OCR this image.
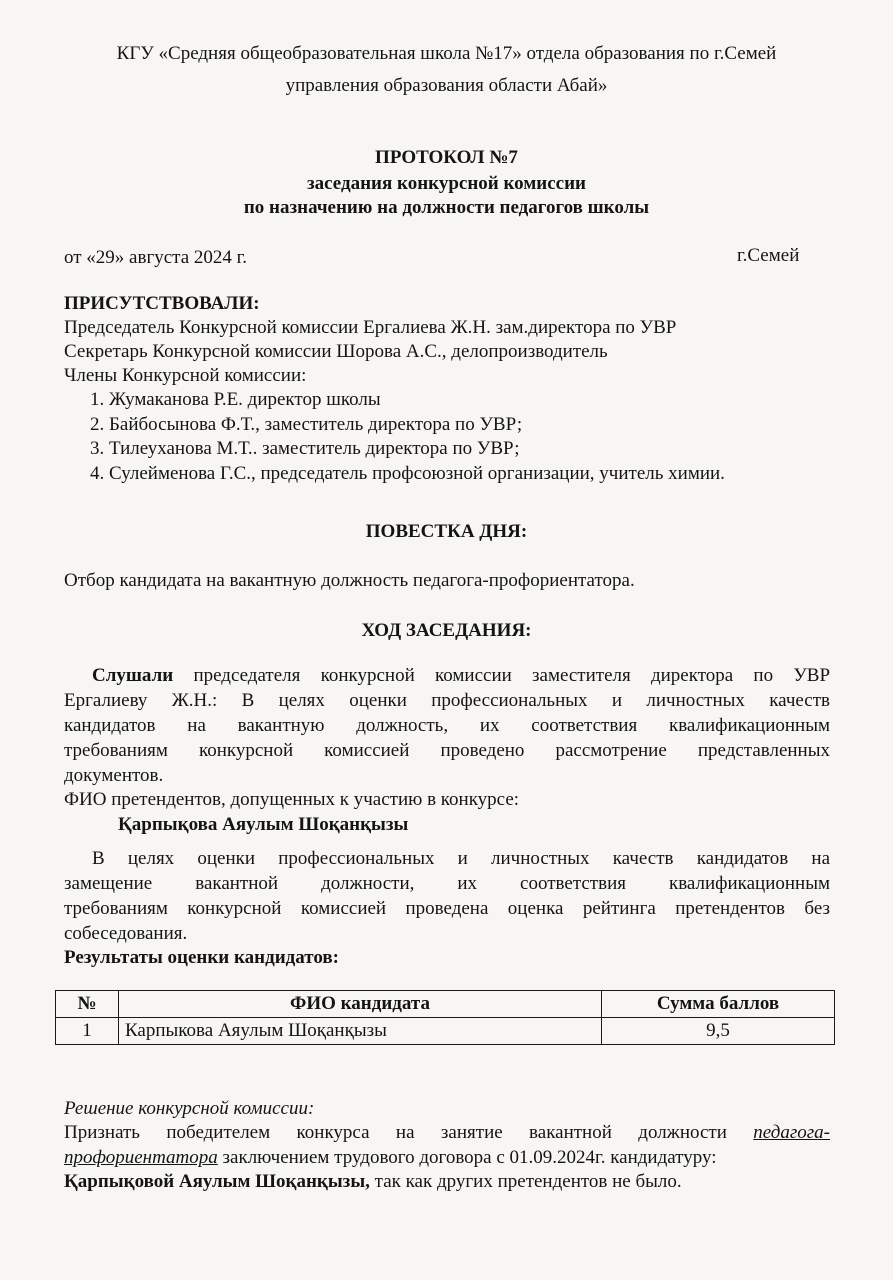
КГУ «Средняя общеобразовательная школа №17» отдела образования по г.Семей
управления образования области Абай»
ПРОТОКОЛ №7
заседания конкурсной комиссии
по назначению на должности педагогов школы
от «29» августа 2024 г.	г.Семей
ПРИСУТСТВОВАЛИ:
Председатель Конкурсной комиссии Ергалиева Ж.Н. зам.директора по УВР
Секретарь Конкурсной комиссии Шорова А.С., делопроизводитель
Члены Конкурсной комиссии:
1. Жумаканова Р.Е. директор школы
2. Байбосынова Ф.Т., заместитель директора по УВР;
3. Тилеуханова М.Т.. заместитель директора по УВР;
4. Сулейменова Г.С., председатель профсоюзной организации, учитель химии.
ПОВЕСТКА ДНЯ:
Отбор кандидата на вакантную должность педагога-профориентатора.
ХОД ЗАСЕДАНИЯ:
Слушали председателя конкурсной комиссии заместителя директора по УВР
Ергалиеву Ж.Н.: В целях оценки профессиональных и личностных качеств
кандидатов на вакантную должность, их соответствия квалификационным
требованиям конкурсной комиссией проведено рассмотрение представленных
документов.
ФИО претендентов, допущенных к участию в конкурсе:
Қарпықова Аяулым Шоқанқызы
В целях оценки профессиональных и личностных качеств кандидатов на
замещение вакантной должности, их соответствия квалификационным
требованиям конкурсной комиссией проведена оценка рейтинга претендентов без
собеседования.
Результаты оценки кандидатов:
№	ФИО кандидата	Сумма баллов
1	Карпыкова Аяулым Шоқанқызы	9,5
Решение конкурсной комиссии:
Признать победителем конкурса на занятие вакантной должности педагога-
профориентатора заключением трудового договора с 01.09.2024г. кандидатуру:
Қарпықовой Аяулым Шоқанқызы, так как других претендентов не было.
